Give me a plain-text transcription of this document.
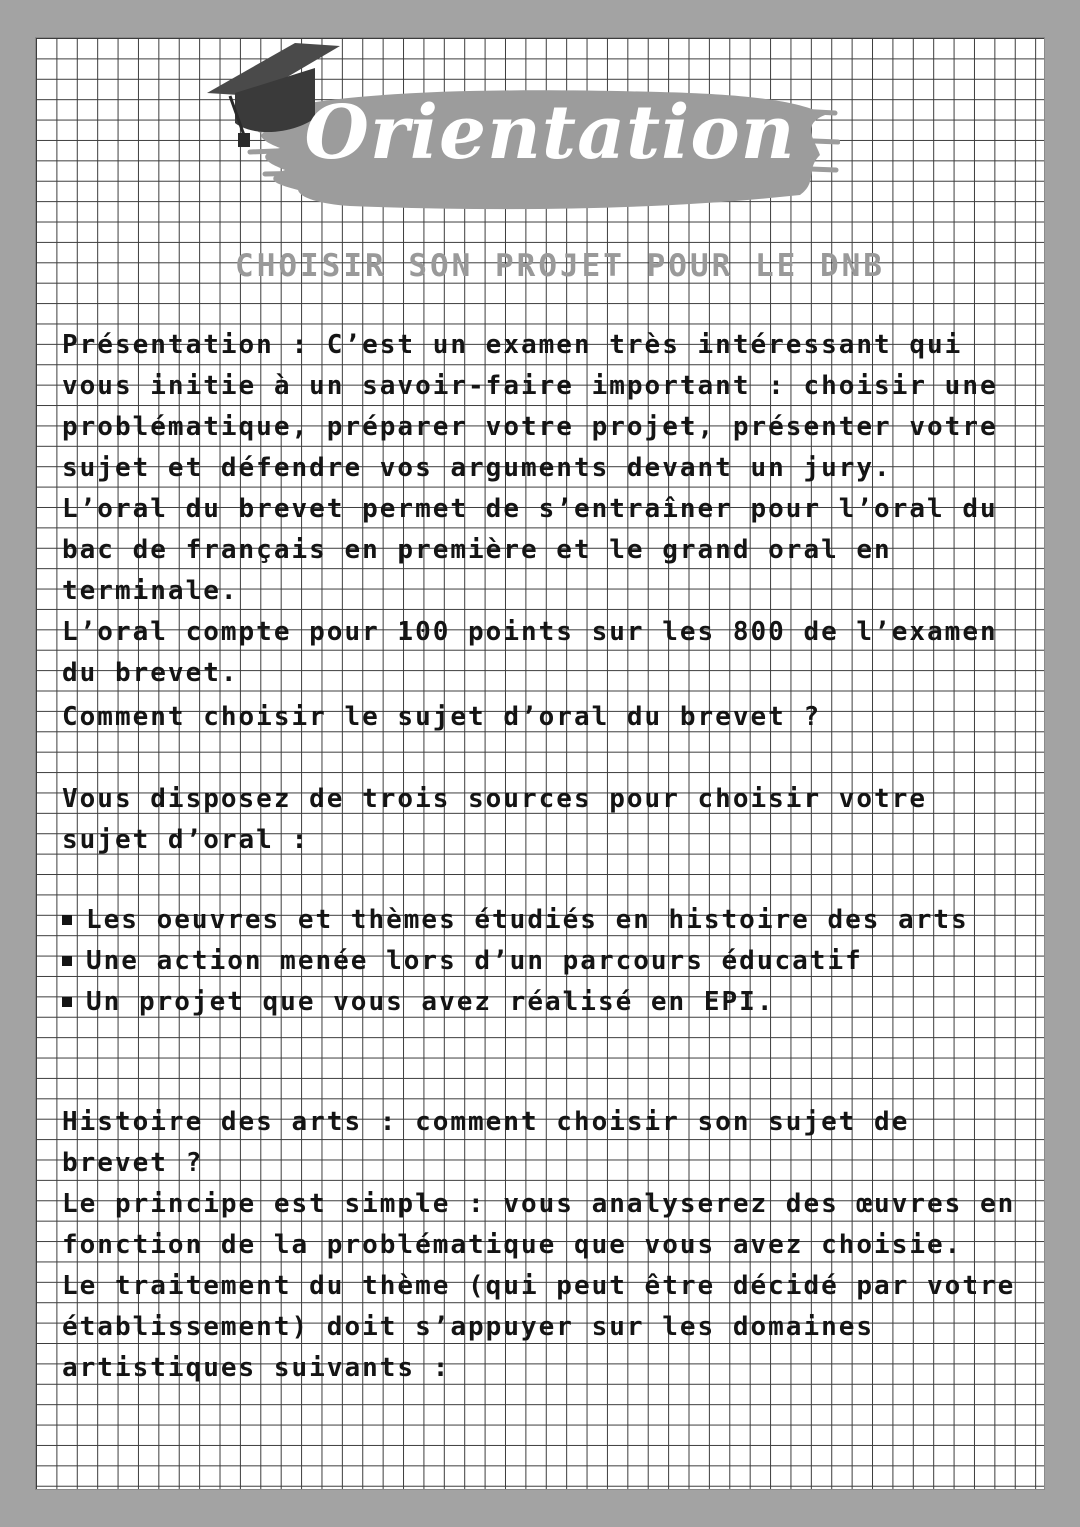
Orientation
CHOISIR SON PROJET POUR LE DNB

Présentation : C’est un examen très intéressant qui vous initie à un savoir-faire important : choisir une problématique, préparer votre projet, présenter votre sujet et défendre vos arguments devant un jury.
L’oral du brevet permet de s’entraîner pour l’oral du bac de français en première et le grand oral en terminale.
L’oral compte pour 100 points sur les 800 de l’examen du brevet.

Comment choisir le sujet d’oral du brevet ?

Vous disposez de trois sources pour choisir votre sujet d’oral :

Les oeuvres et thèmes étudiés en histoire des arts
Une action menée lors d’un parcours éducatif
Un projet que vous avez réalisé en EPI.

Histoire des arts : comment choisir son sujet de brevet ?

Le principe est simple : vous analyserez des œuvres en fonction de la problématique que vous avez choisie.
Le traitement du thème (qui peut être décidé par votre établissement) doit s’appuyer sur les domaines artistiques suivants :
